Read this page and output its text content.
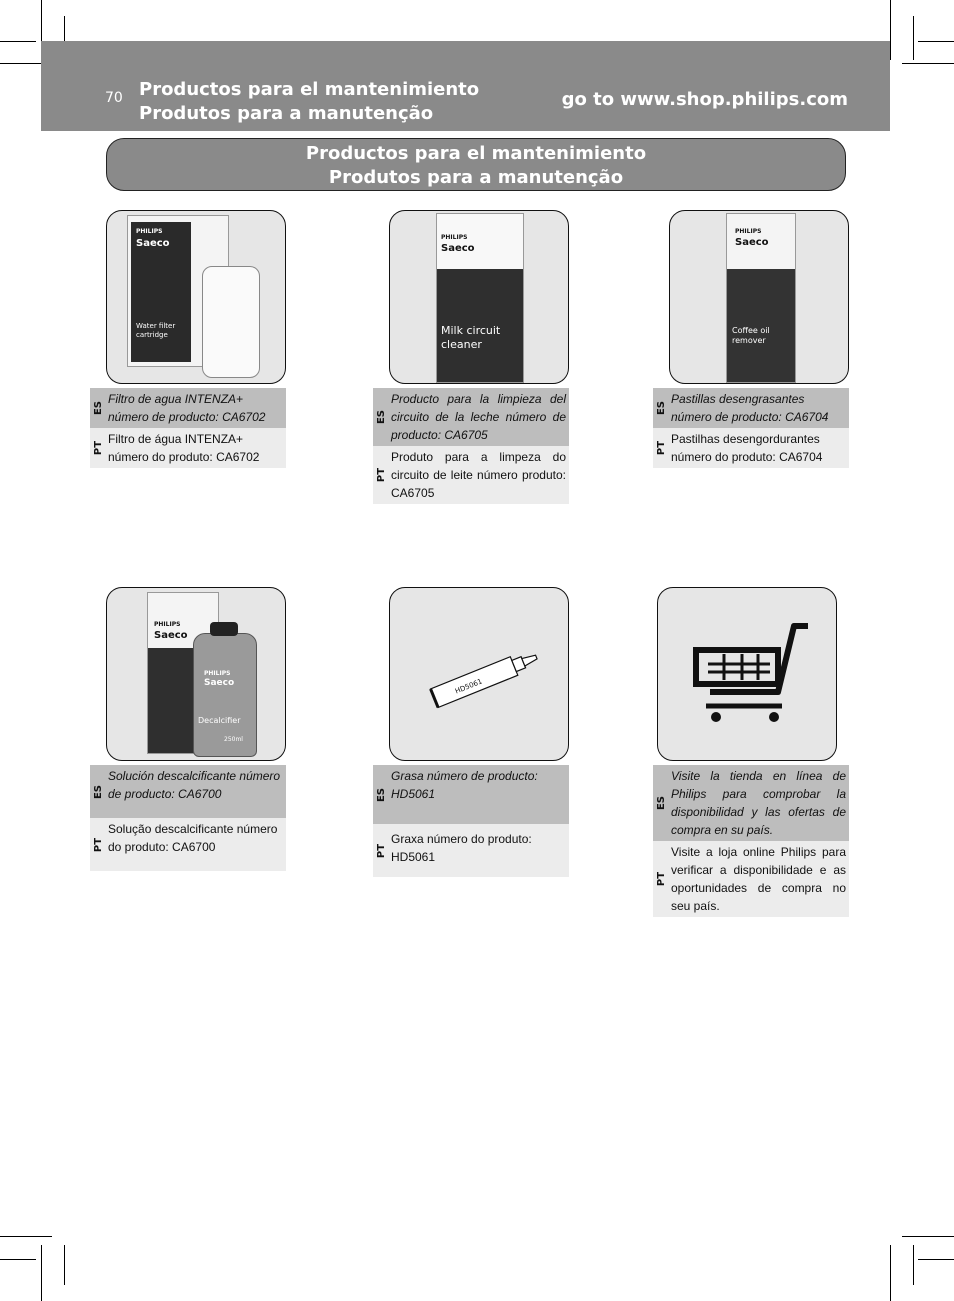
70 Productos para el mantenimiento
Produtos para a manutenção
go to www.shop.philips.com
Productos para el mantenimiento
Produtos para a manutenção
PHILIPS
Saeco
Water filter
cartridge
ES
Filtro de agua INTENZA+ número de producto: CA6702
PT
Filtro de água INTENZA+ número do produto: CA6702
PHILIPS
Saeco
Milk circuit
cleaner
ES
Producto para la limpieza del circuito de la leche número de producto: CA6705
PT
Produto para a limpeza do circuito de leite número produto: CA6705
PHILIPS
Saeco
Coffee oil
remover
ES
Pastillas desengrasantes número de producto: CA6704
PT
Pastilhas desengordurantes número do produto: CA6704
PHILIPS
Saeco
PHILIPS
Saeco
Decalcifier
250ml
ES
Solución descalcificante número de producto: CA6700
PT
Solução descalcificante número do produto: CA6700
HD5061
ES
Grasa número de producto: HD5061
PT
Graxa número do produto: HD5061
ES
Visite la tienda en línea de Philips para comprobar la disponibilidad y las ofertas de compra en su país.
PT
Visite a loja online Philips para verificar a disponibilidade e as oportunidades de compra no seu país.
